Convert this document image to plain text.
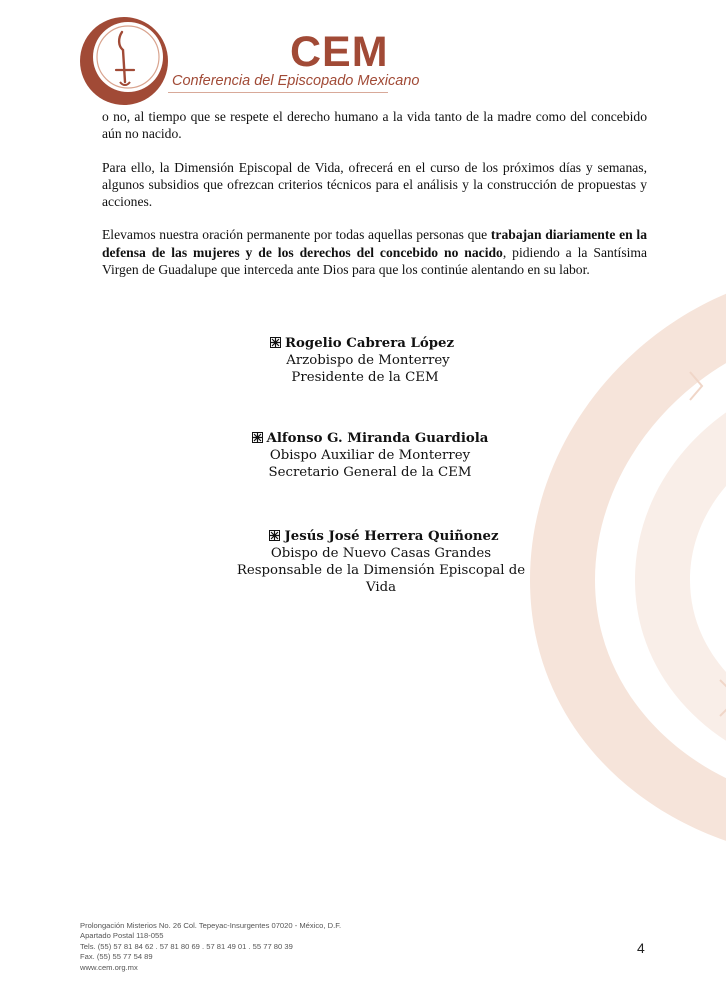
CEM
Conferencia del Episcopado Mexicano

o no, al tiempo que se respete el derecho humano a la vida tanto de la madre como del concebido aún no nacido.

Para ello, la Dimensión Episcopal de Vida, ofrecerá en el curso de los próximos días y semanas, algunos subsidios que ofrezcan criterios técnicos para el análisis y la construcción de propuestas y acciones.

Elevamos nuestra oración permanente por todas aquellas personas que trabajan diariamente en la defensa de las mujeres y de los derechos del concebido no nacido, pidiendo a la Santísima Virgen de Guadalupe que interceda ante Dios para que los continúe alentando en su labor.

Rogelio Cabrera López
Arzobispo de Monterrey
Presidente de la CEM
Alfonso G. Miranda Guardiola
Obispo Auxiliar de Monterrey
Secretario General de la CEM
Jesús José Herrera Quiñonez
Obispo de Nuevo Casas Grandes
Responsable de la Dimensión Episcopal de Vida
Prolongación Misterios No. 26 Col. Tepeyac-Insurgentes 07020 - México, D.F.
Apartado Postal 118-055
Tels. (55) 57 81 84 62 . 57 81 80 69 . 57 81 49 01 . 55 77 80 39
Fax. (55) 55 77 54 89
www.cem.org.mx
4
